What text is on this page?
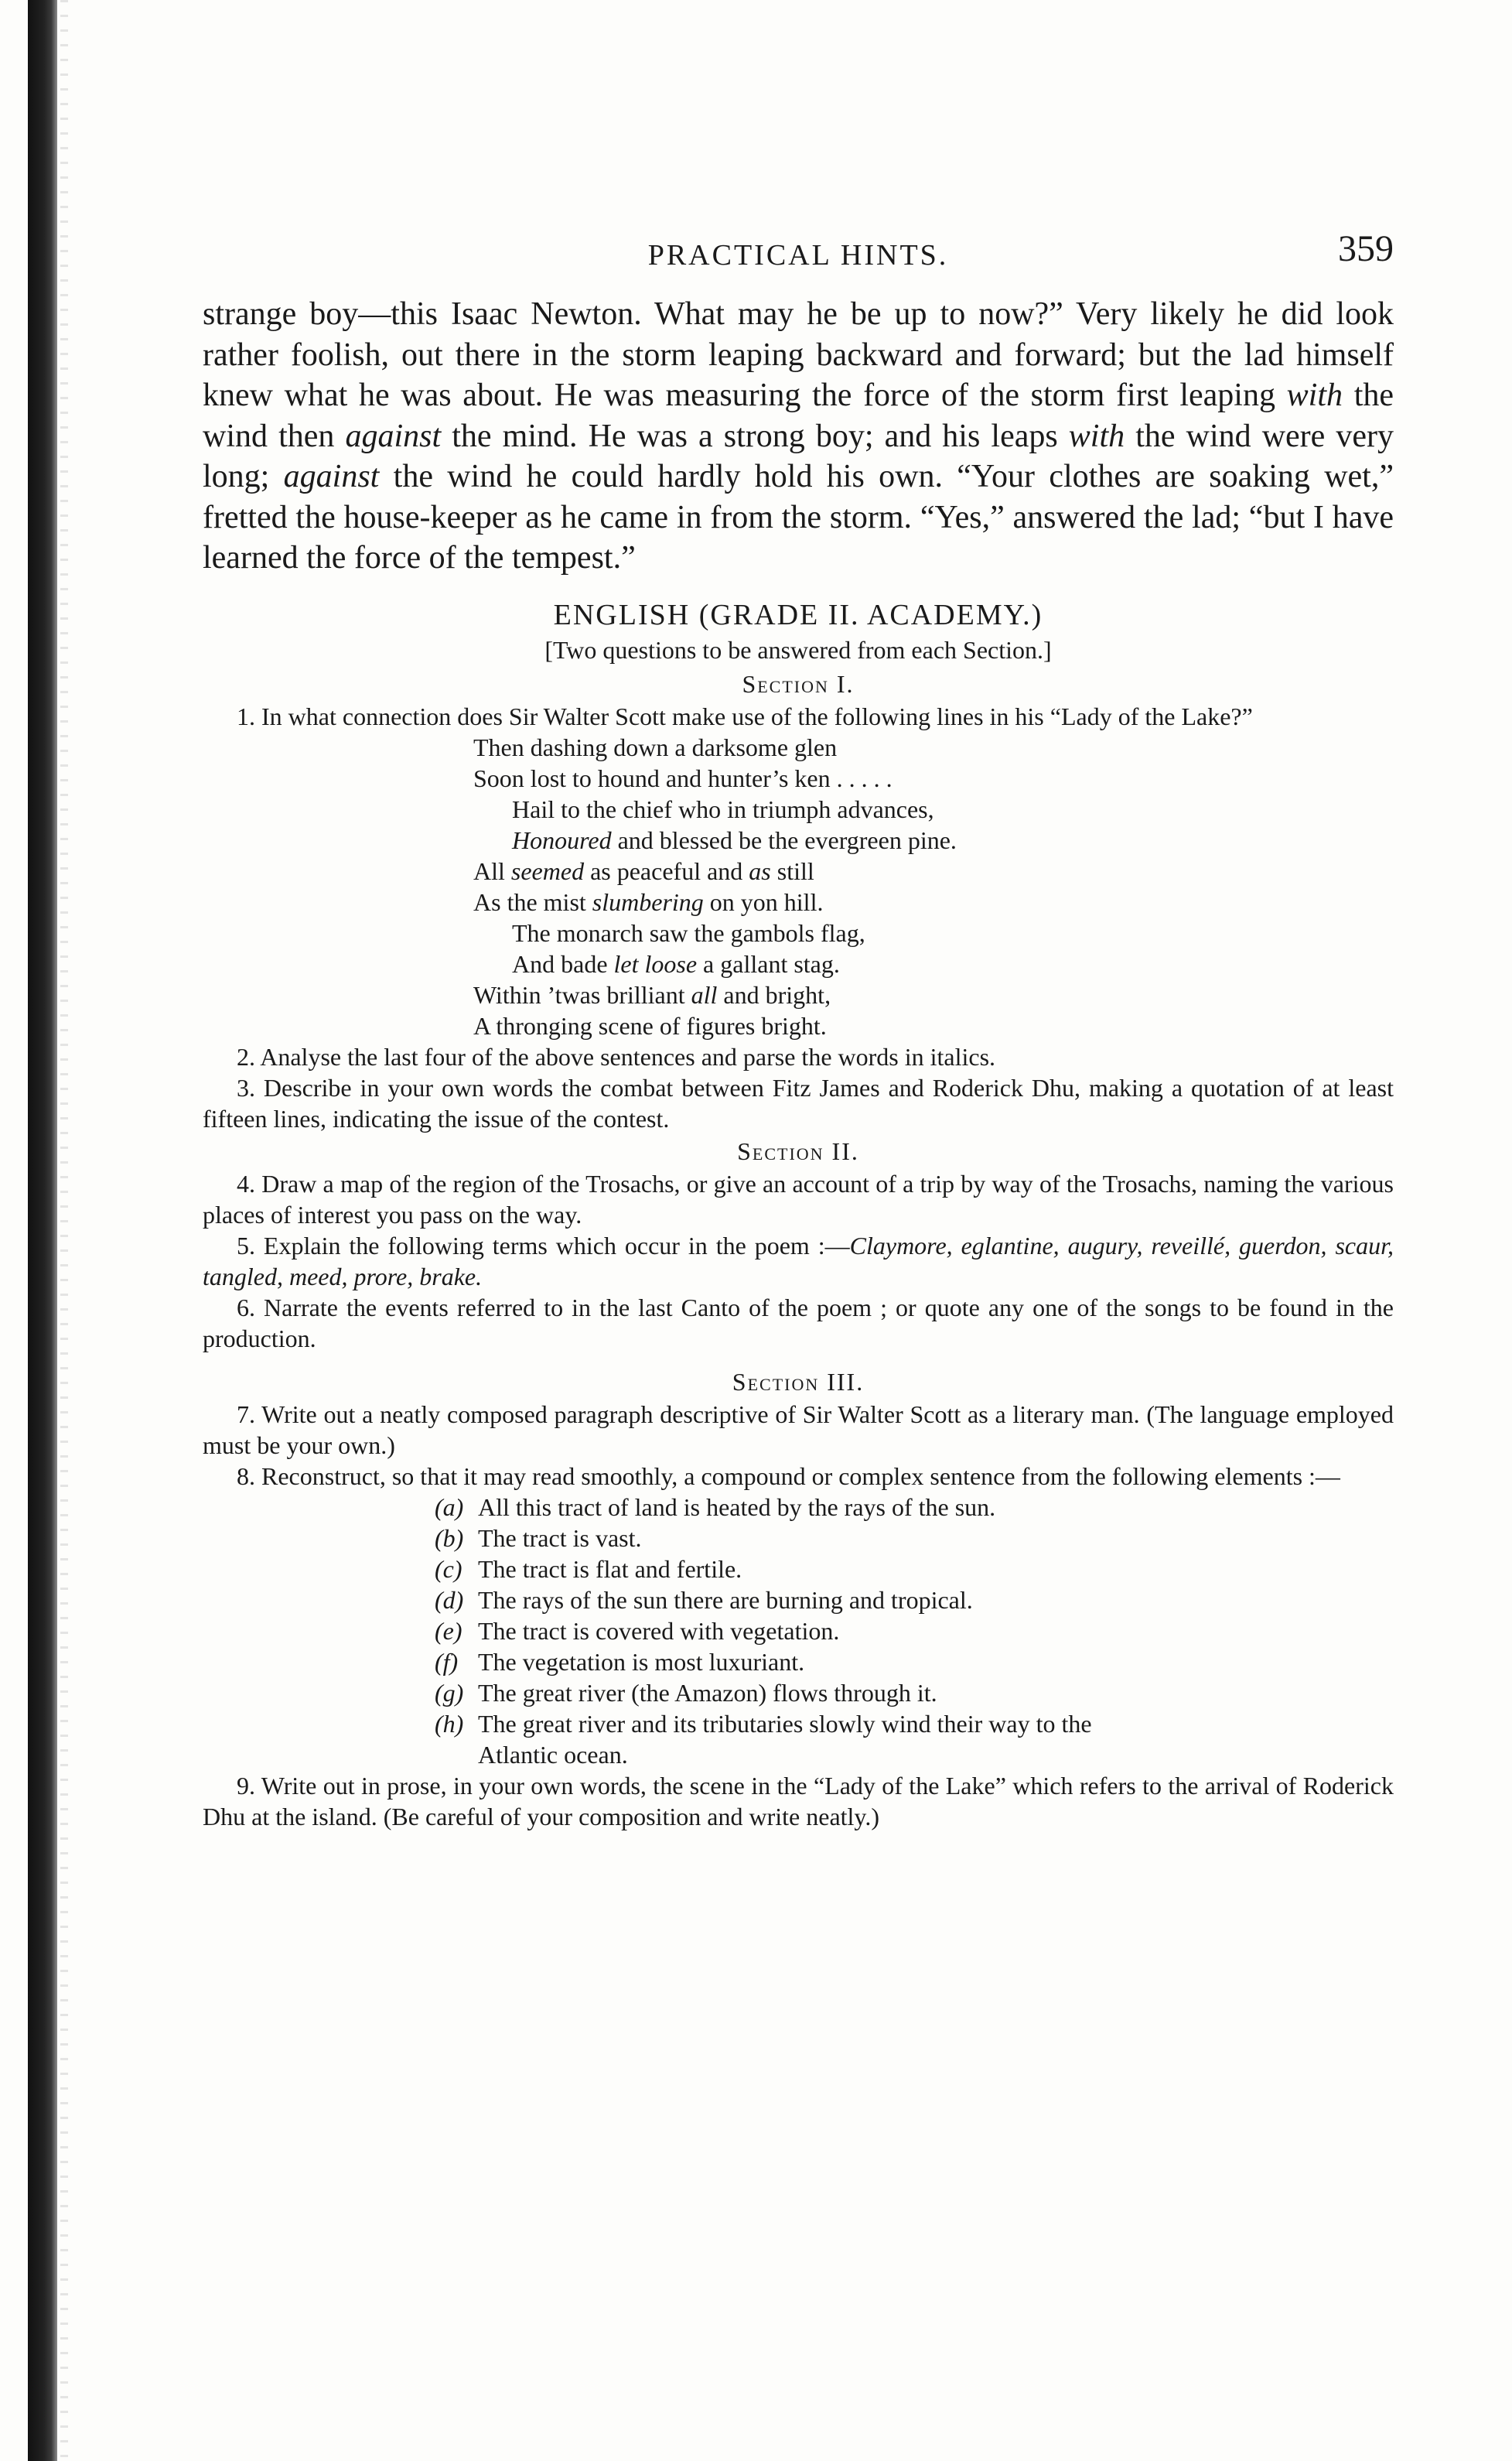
PRACTICAL HINTS.	359

strange boy—this Isaac Newton. What may he be up to now?” Very likely he did look rather foolish, out there in the storm leaping backward and forward; but the lad himself knew what he was about. He was measuring the force of the storm first leaping with the wind then against the mind. He was a strong boy; and his leaps with the wind were very long; against the wind he could hardly hold his own. “Your clothes are soaking wet,” fretted the house-keeper as he came in from the storm. “Yes,” answered the lad; “but I have learned the force of the tempest.”

ENGLISH (GRADE II. ACADEMY.)
[Two questions to be answered from each Section.]
Section I.

1. In what connection does Sir Walter Scott make use of the following lines in his “Lady of the Lake?”

Then dashing down a darksome glen
Soon lost to hound and hunter’s ken . . . . .
Hail to the chief who in triumph advances,
Honoured and blessed be the evergreen pine.
All seemed as peaceful and as still
As the mist slumbering on yon hill.
The monarch saw the gambols flag,
And bade let loose a gallant stag.
Within ’twas brilliant all and bright,
A thronging scene of figures bright.

2. Analyse the last four of the above sentences and parse the words in italics.

3. Describe in your own words the combat between Fitz James and Roderick Dhu, making a quotation of at least fifteen lines, indicating the issue of the contest.

Section II.

4. Draw a map of the region of the Trosachs, or give an account of a trip by way of the Trosachs, naming the various places of interest you pass on the way.

5. Explain the following terms which occur in the poem :—Claymore, eglantine, augury, reveillé, guerdon, scaur, tangled, meed, prore, brake.

6. Narrate the events referred to in the last Canto of the poem ; or quote any one of the songs to be found in the production.

Section III.

7. Write out a neatly composed paragraph descriptive of Sir Walter Scott as a literary man. (The language employed must be your own.)

8. Reconstruct, so that it may read smoothly, a compound or complex sentence from the following elements :—

(a) All this tract of land is heated by the rays of the sun.
(b) The tract is vast.
(c) The tract is flat and fertile.
(d) The rays of the sun there are burning and tropical.
(e) The tract is covered with vegetation.
(f) The vegetation is most luxuriant.
(g) The great river (the Amazon) flows through it.
(h) The great river and its tributaries slowly wind their way to the
Atlantic ocean.

9. Write out in prose, in your own words, the scene in the “Lady of the Lake” which refers to the arrival of Roderick Dhu at the island. (Be careful of your composition and write neatly.)
